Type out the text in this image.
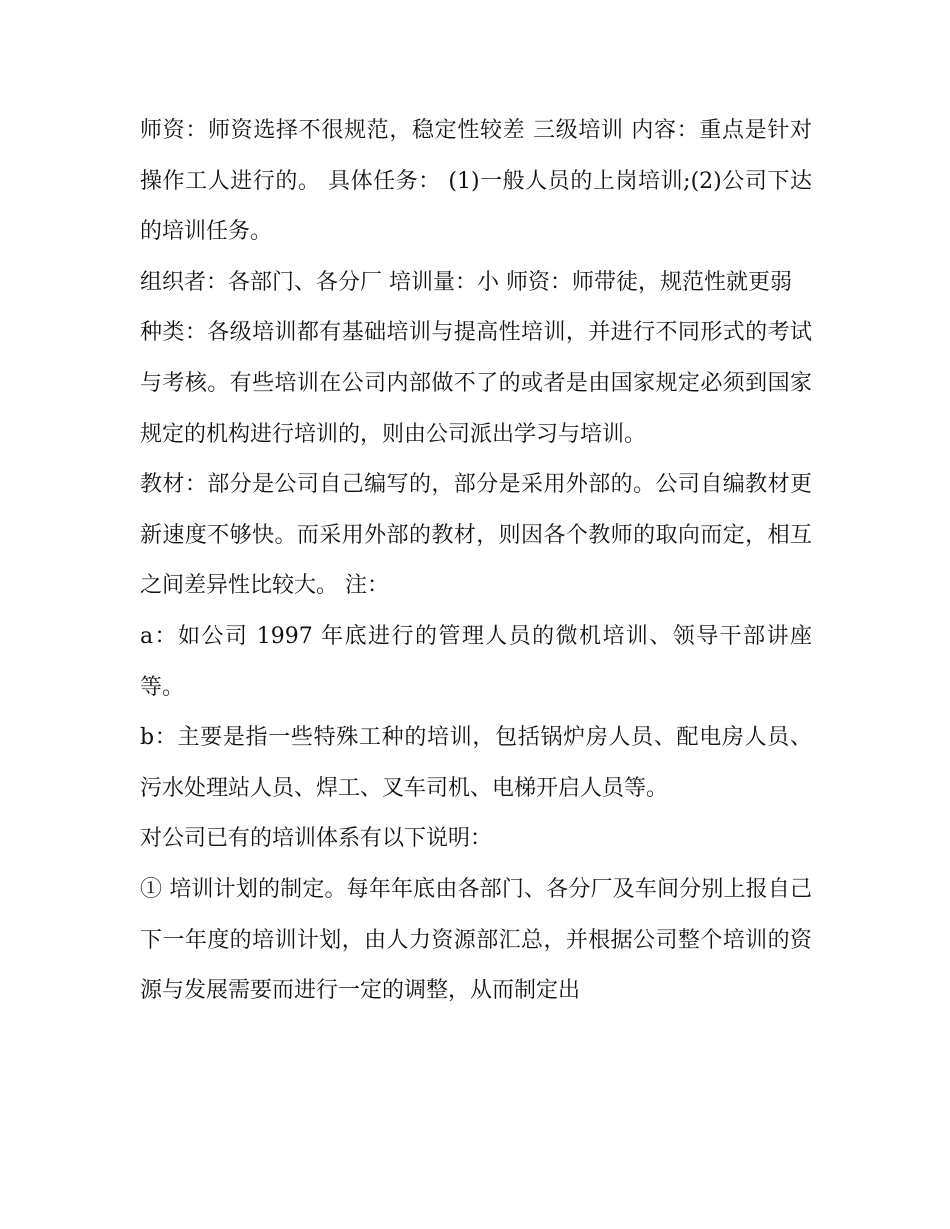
师资：师资选择不很规范，稳定性较差 三级培训 内容：重点是针对操作工人进行的。 具体任务： (1)一般人员的上岗培训;(2)公司下达的培训任务。

组织者：各部门、各分厂 培训量：小 师资：师带徒，规范性就更弱

种类：各级培训都有基础培训与提高性培训，并进行不同形式的考试与考核。有些培训在公司内部做不了的或者是由国家规定必须到国家规定的机构进行培训的，则由公司派出学习与培训。

教材：部分是公司自己编写的，部分是采用外部的。公司自编教材更新速度不够快。而采用外部的教材，则因各个教师的取向而定，相互之间差异性比较大。 注：

a：如公司 1997 年底进行的管理人员的微机培训、领导干部讲座等。

b：主要是指一些特殊工种的培训，包括锅炉房人员、配电房人员、污水处理站人员、焊工、叉车司机、电梯开启人员等。

对公司已有的培训体系有以下说明：

① 培训计划的制定。每年年底由各部门、各分厂及车间分别上报自己下一年度的培训计划，由人力资源部汇总，并根据公司整个培训的资源与发展需要而进行一定的调整，从而制定出
